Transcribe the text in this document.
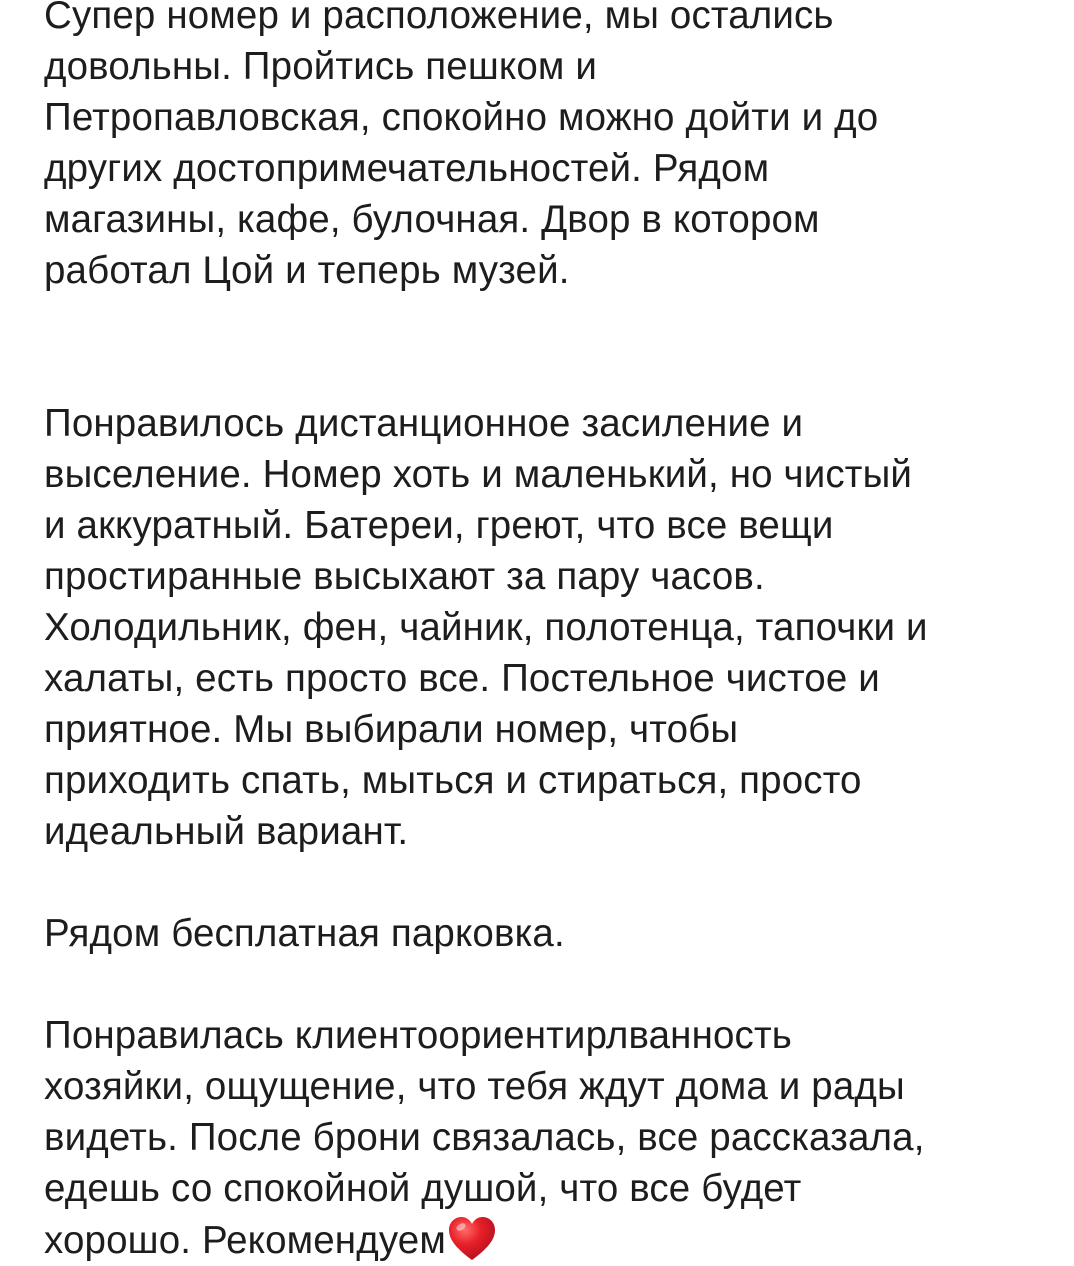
Супер номер и расположение, мы остались
довольны. Пройтись пешком и
Петропавловская, спокойно можно дойти и до
других достопримечательностей. Рядом
магазины, кафе, булочная. Двор в котором
работал Цой и теперь музей.
Понравилось дистанционное засиление и
выселение. Номер хоть и маленький, но чистый
и аккуратный. Батереи, греют, что все вещи
простиранные высыхают за пару часов.
Холодильник, фен, чайник, полотенца, тапочки и
халаты, есть просто все. Постельное чистое и
приятное. Мы выбирали номер, чтобы
приходить спать, мыться и стираться, просто
идеальный вариант.
Рядом бесплатная парковка.
Понравилась клиентоориентирлванность
хозяйки, ощущение, что тебя ждут дома и рады
видеть. После брони связалась, все рассказала,
едешь со спокойной душой, что все будет
хорошо. Рекомендуем
